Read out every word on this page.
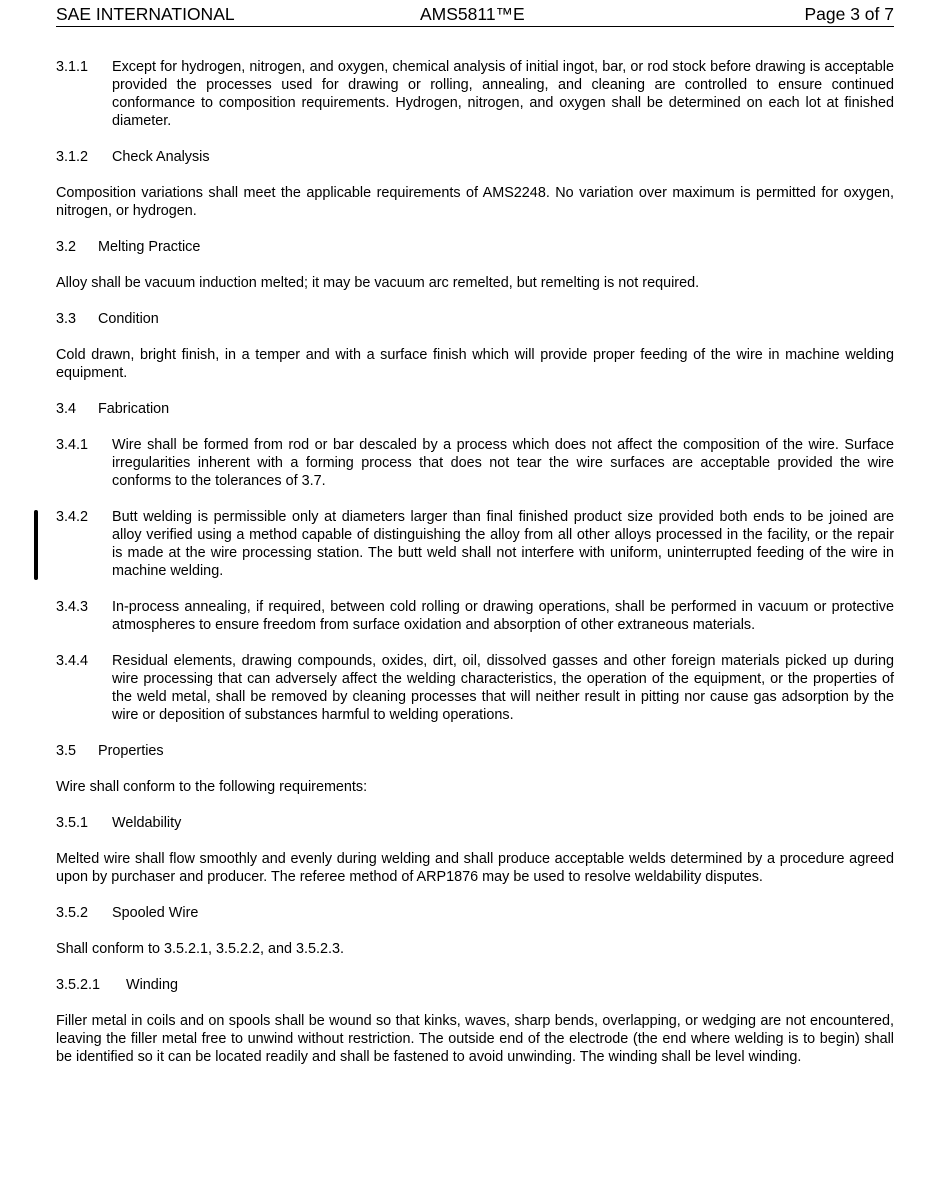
SAE INTERNATIONAL	AMS5811™E	Page 3 of 7
3.1.1	Except for hydrogen, nitrogen, and oxygen, chemical analysis of initial ingot, bar, or rod stock before drawing is acceptable provided the processes used for drawing or rolling, annealing, and cleaning are controlled to ensure continued conformance to composition requirements. Hydrogen, nitrogen, and oxygen shall be determined on each lot at finished diameter.
3.1.2	Check Analysis

Composition variations shall meet the applicable requirements of AMS2248. No variation over maximum is permitted for oxygen, nitrogen, or hydrogen.

3.2	Melting Practice

Alloy shall be vacuum induction melted; it may be vacuum arc remelted, but remelting is not required.

3.3	Condition

Cold drawn, bright finish, in a temper and with a surface finish which will provide proper feeding of the wire in machine welding equipment.

3.4	Fabrication
3.4.1	Wire shall be formed from rod or bar descaled by a process which does not affect the composition of the wire. Surface irregularities inherent with a forming process that does not tear the wire surfaces are acceptable provided the wire conforms to the tolerances of 3.7.
3.4.2	Butt welding is permissible only at diameters larger than final finished product size provided both ends to be joined are alloy verified using a method capable of distinguishing the alloy from all other alloys processed in the facility, or the repair is made at the wire processing station. The butt weld shall not interfere with uniform, uninterrupted feeding of the wire in machine welding.
3.4.3	In-process annealing, if required, between cold rolling or drawing operations, shall be performed in vacuum or protective atmospheres to ensure freedom from surface oxidation and absorption of other extraneous materials.
3.4.4	Residual elements, drawing compounds, oxides, dirt, oil, dissolved gasses and other foreign materials picked up during wire processing that can adversely affect the welding characteristics, the operation of the equipment, or the properties of the weld metal, shall be removed by cleaning processes that will neither result in pitting nor cause gas adsorption by the wire or deposition of substances harmful to welding operations.
3.5	Properties

Wire shall conform to the following requirements:

3.5.1	Weldability

Melted wire shall flow smoothly and evenly during welding and shall produce acceptable welds determined by a procedure agreed upon by purchaser and producer. The referee method of ARP1876 may be used to resolve weldability disputes.

3.5.2	Spooled Wire

Shall conform to 3.5.2.1, 3.5.2.2, and 3.5.2.3.

3.5.2.1	Winding

Filler metal in coils and on spools shall be wound so that kinks, waves, sharp bends, overlapping, or wedging are not encountered, leaving the filler metal free to unwind without restriction. The outside end of the electrode (the end where welding is to begin) shall be identified so it can be located readily and shall be fastened to avoid unwinding. The winding shall be level winding.
